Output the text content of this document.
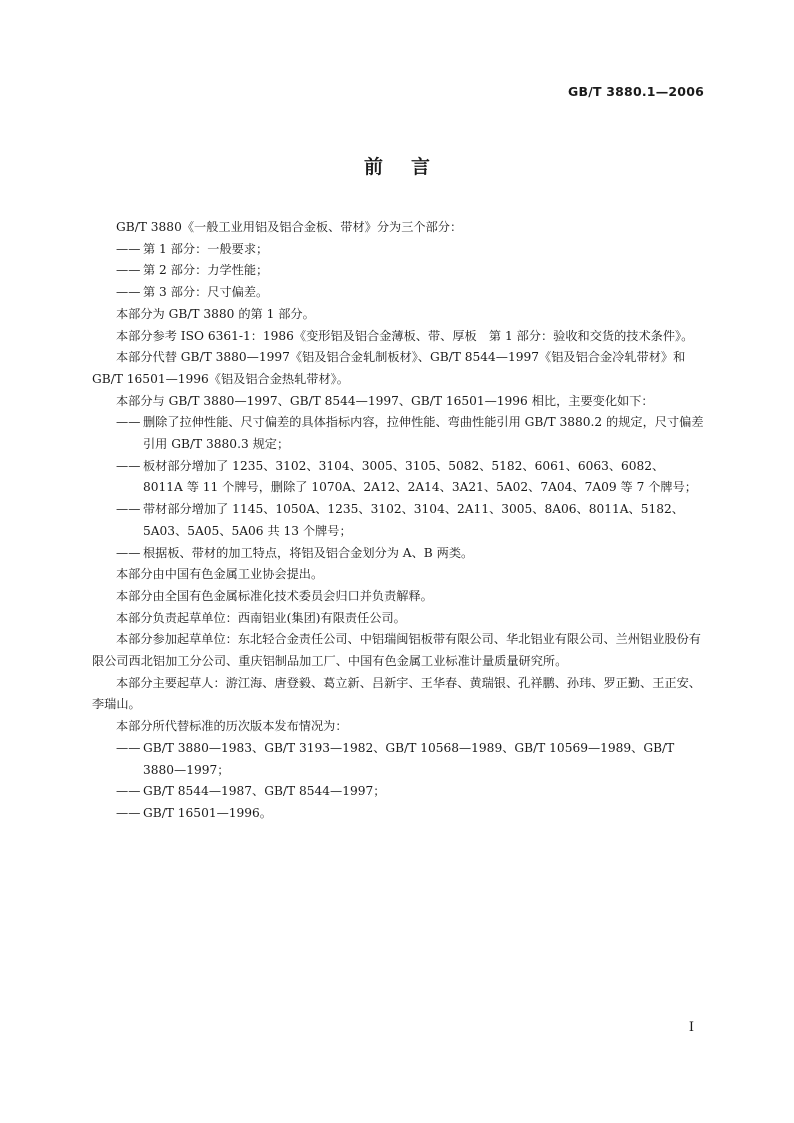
GB/T 3880.1—2006
前言
GB/T 3880《一般工业用铝及铝合金板、带材》分为三个部分：
—— 第 1 部分：一般要求；
—— 第 2 部分：力学性能；
—— 第 3 部分：尺寸偏差。
本部分为 GB/T 3880 的第 1 部分。
本部分参考 ISO 6361-1：1986《变形铝及铝合金薄板、带、厚板　第 1 部分：验收和交货的技术条件》。
本部分代替 GB/T 3880—1997《铝及铝合金轧制板材》、GB/T 8544—1997《铝及铝合金冷轧带材》和 GB/T 16501—1996《铝及铝合金热轧带材》。
本部分与 GB/T 3880—1997、GB/T 8544—1997、GB/T 16501—1996 相比，主要变化如下：
—— 删除了拉伸性能、尺寸偏差的具体指标内容，拉伸性能、弯曲性能引用 GB/T 3880.2 的规定，尺寸偏差引用 GB/T 3880.3 规定；
—— 板材部分增加了 1235、3102、3104、3005、3105、5082、5182、6061、6063、6082、8011A 等 11 个牌号，删除了 1070A、2A12、2A14、3A21、5A02、7A04、7A09 等 7 个牌号；
—— 带材部分增加了 1145、1050A、1235、3102、3104、2A11、3005、8A06、8011A、5182、5A03、5A05、5A06 共 13 个牌号；
—— 根据板、带材的加工特点，将铝及铝合金划分为 A、B 两类。
本部分由中国有色金属工业协会提出。
本部分由全国有色金属标准化技术委员会归口并负责解释。
本部分负责起草单位：西南铝业(集团)有限责任公司。
本部分参加起草单位：东北轻合金责任公司、中铝瑞闽铝板带有限公司、华北铝业有限公司、兰州铝业股份有限公司西北铝加工分公司、重庆铝制品加工厂、中国有色金属工业标准计量质量研究所。
本部分主要起草人：游江海、唐登毅、葛立新、吕新宇、王华春、黄瑞银、孔祥鹏、孙玮、罗正勤、王正安、李瑞山。
本部分所代替标准的历次版本发布情况为：
—— GB/T 3880—1983、GB/T 3193—1982、GB/T 10568—1989、GB/T 10569—1989、GB/T 3880—1997；
—— GB/T 8544—1987、GB/T 8544—1997；
—— GB/T 16501—1996。
I
